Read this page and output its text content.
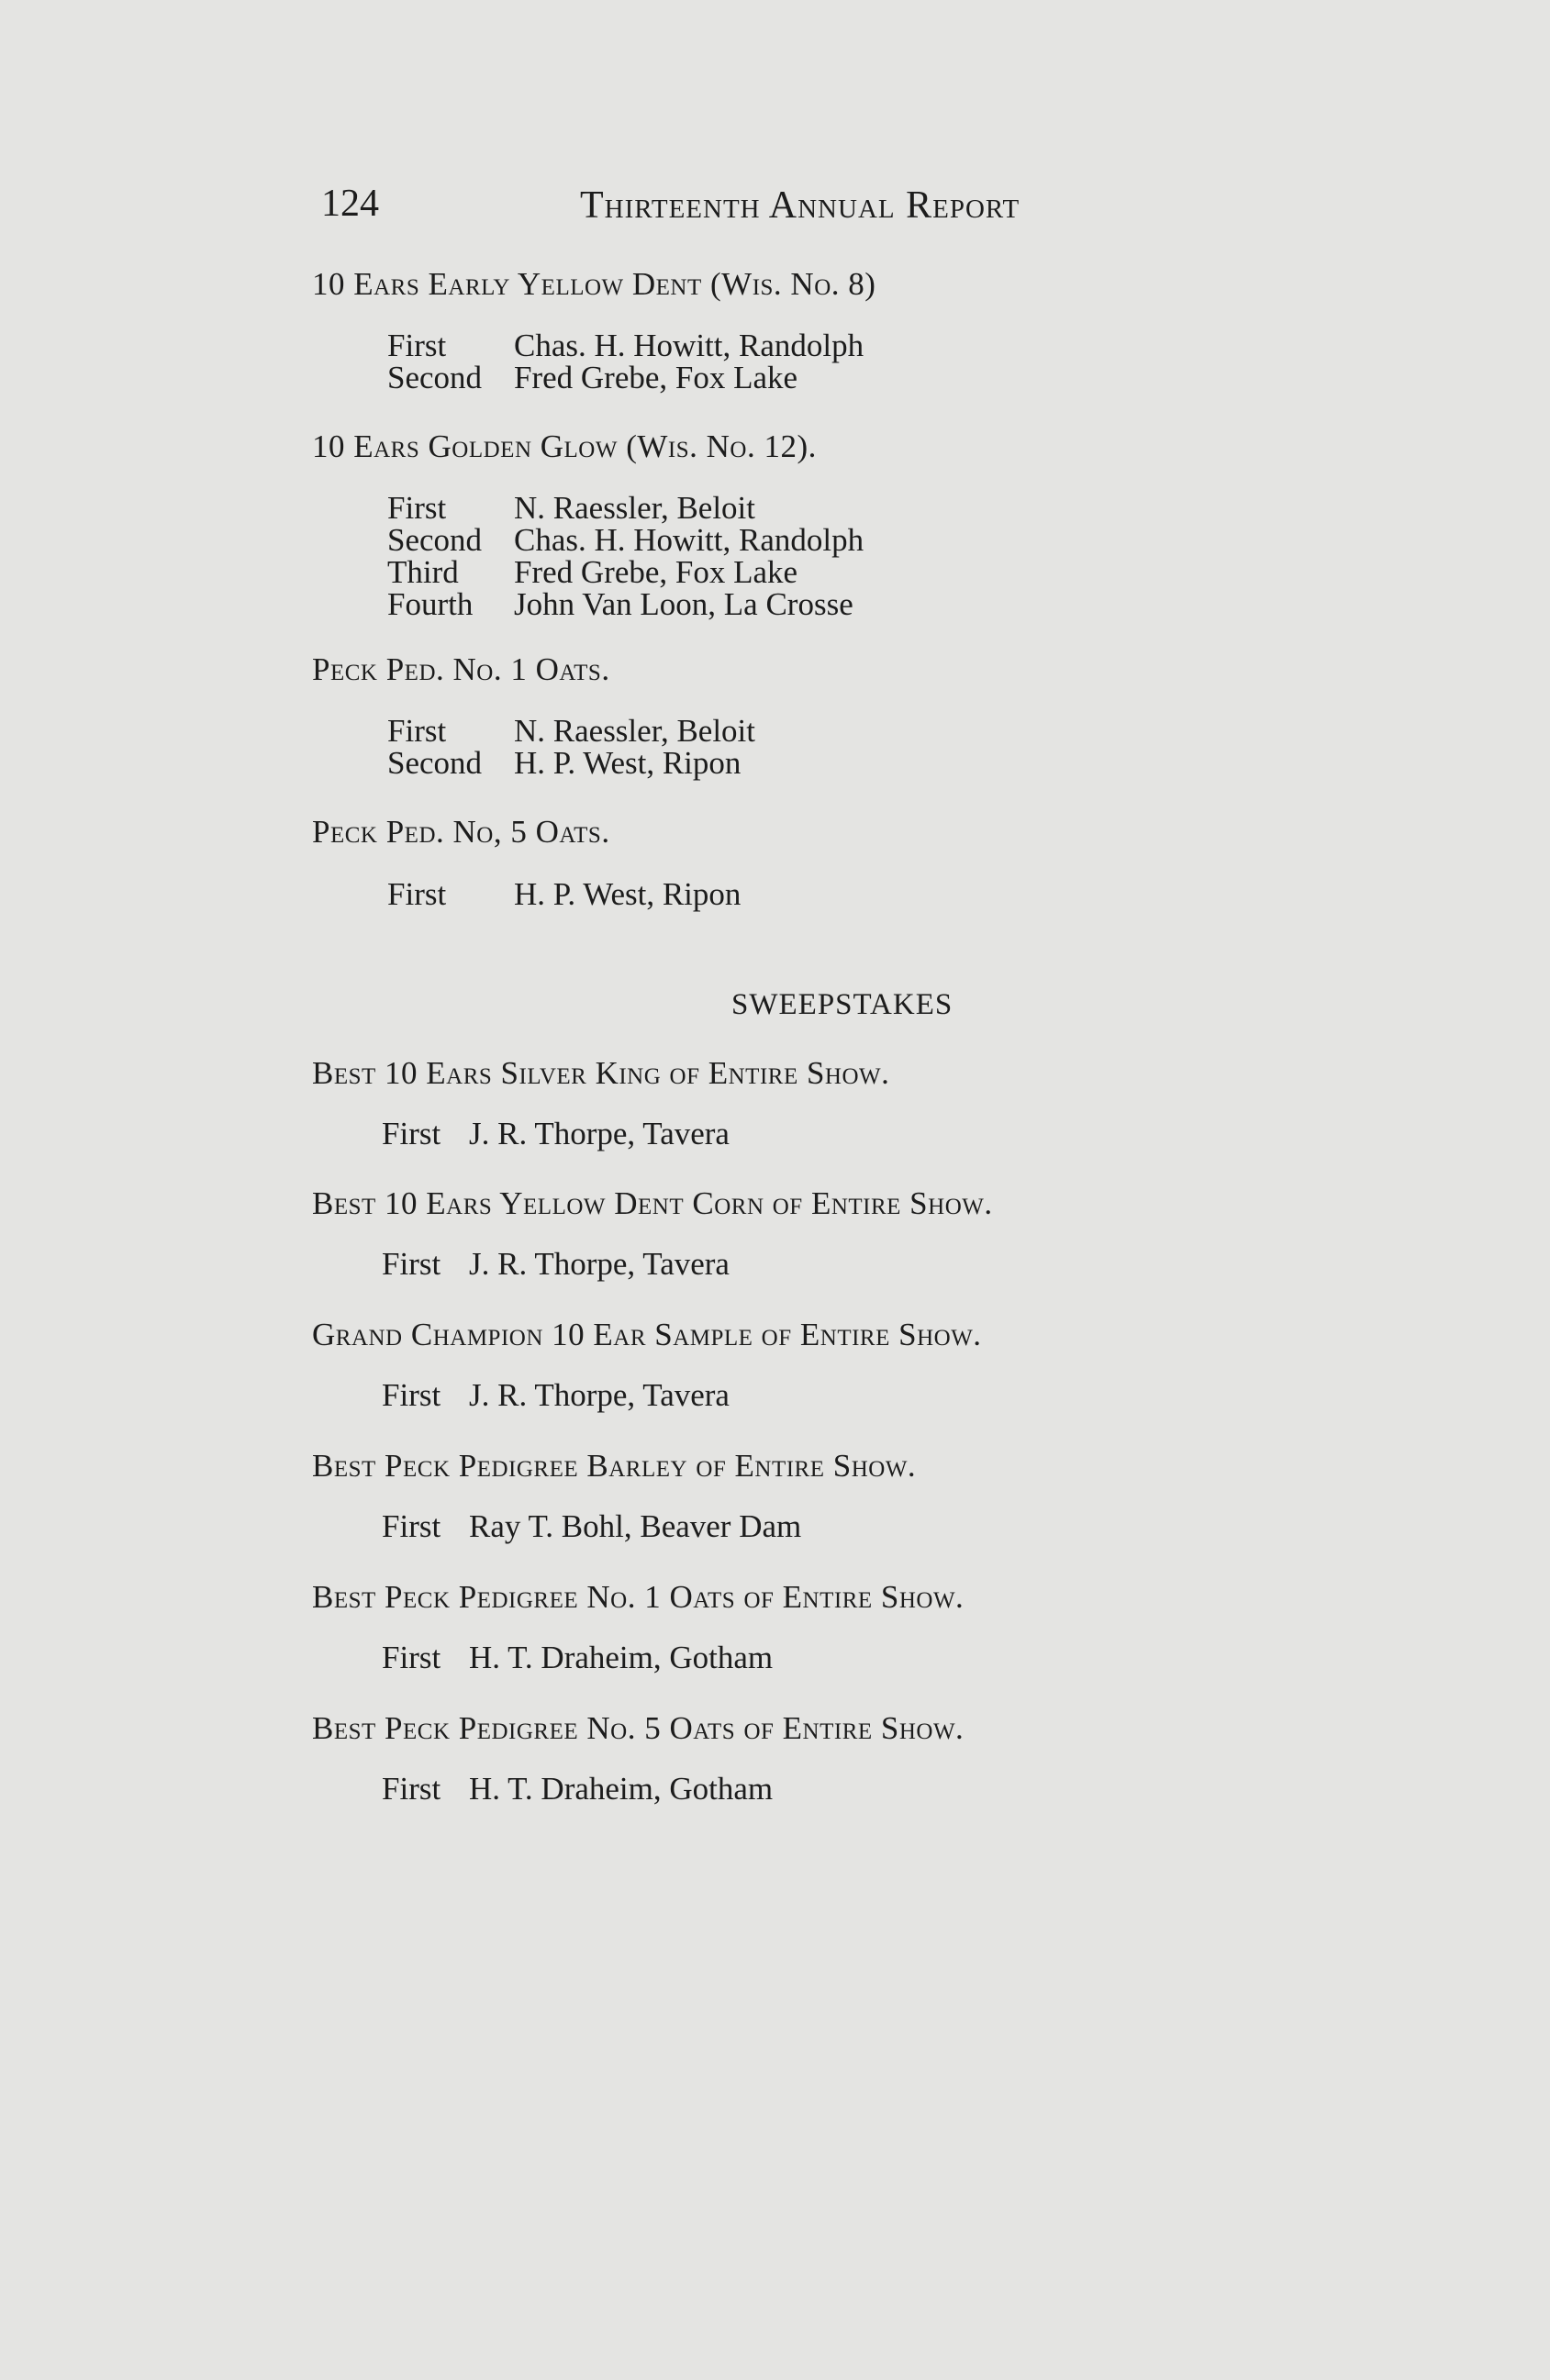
124	Thirteenth Annual Report
10 Ears Early Yellow Dent (Wis. No. 8)
First Chas. H. Howitt, Randolph
Second Fred Grebe, Fox Lake
10 Ears Golden Glow (Wis. No. 12).
First N. Raessler, Beloit
Second Chas. H. Howitt, Randolph
Third Fred Grebe, Fox Lake
Fourth John Van Loon, La Crosse
Peck Ped. No. 1 Oats.
First N. Raessler, Beloit
Second H. P. West, Ripon
Peck Ped. No, 5 Oats.
First H. P. West, Ripon
SWEEPSTAKES
Best 10 Ears Silver King of Entire Show.
First J. R. Thorpe, Tavera
Best 10 Ears Yellow Dent Corn of Entire Show.
First J. R. Thorpe, Tavera
Grand Champion 10 Ear Sample of Entire Show.
First J. R. Thorpe, Tavera
Best Peck Pedigree Barley of Entire Show.
First Ray T. Bohl, Beaver Dam
Best Peck Pedigree No. 1 Oats of Entire Show.
First H. T. Draheim, Gotham
Best Peck Pedigree No. 5 Oats of Entire Show.
First H. T. Draheim, Gotham
